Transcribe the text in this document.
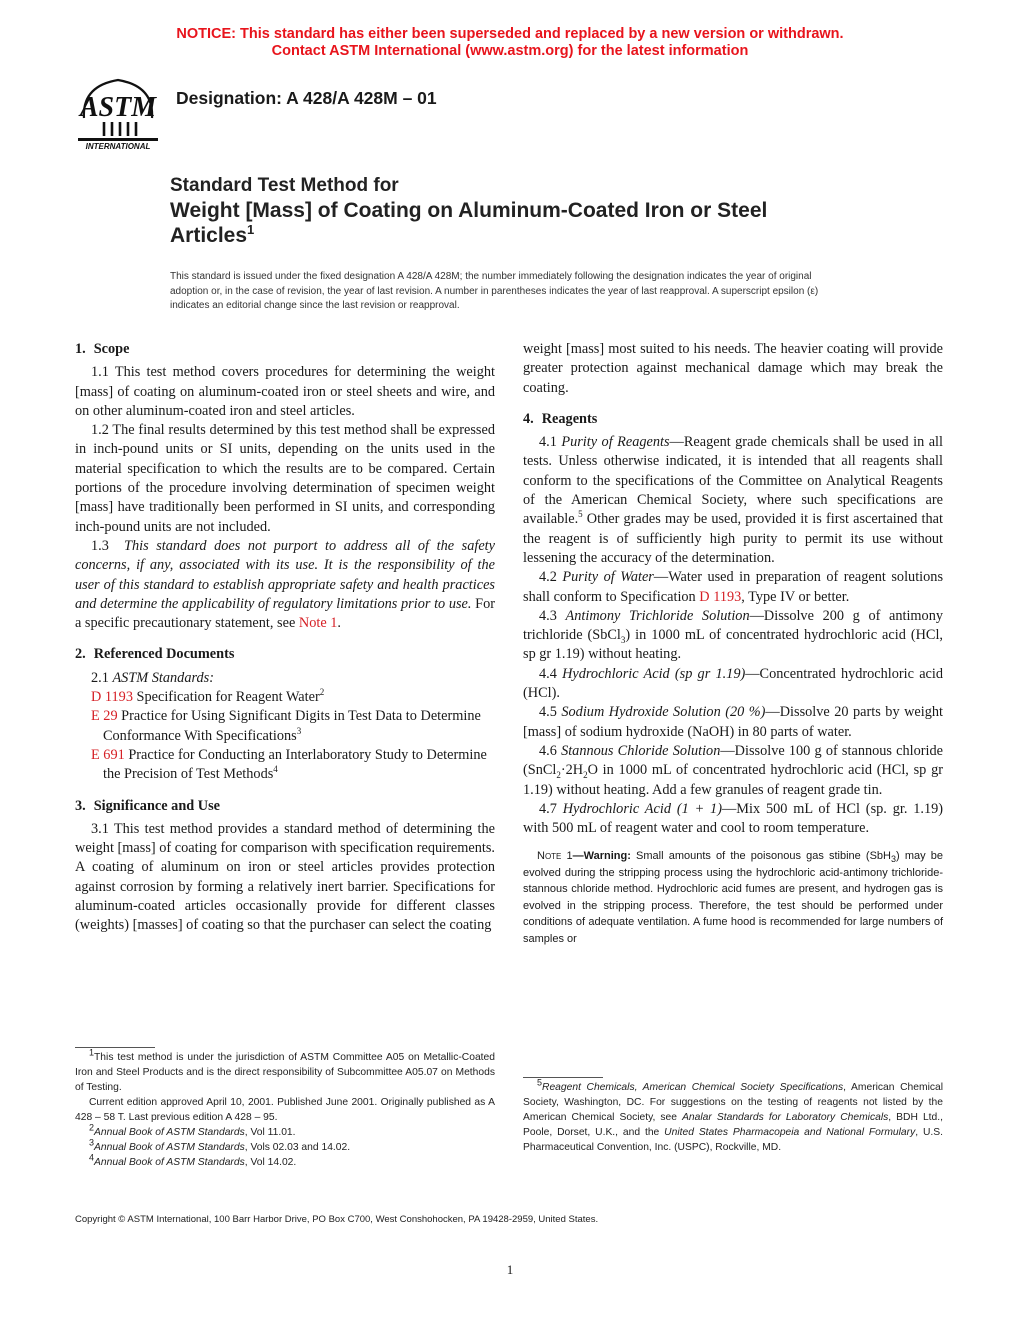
NOTICE: This standard has either been superseded and replaced by a new version or withdrawn.
Contact ASTM International (www.astm.org) for the latest information
ASTM
INTERNATIONAL
Designation: A 428/A 428M – 01
Standard Test Method for
Weight [Mass] of Coating on Aluminum-Coated Iron or Steel
Articles$^1$
This standard is issued under the fixed designation A 428/A 428M; the number immediately following the designation indicates the year of original adoption or, in the case of revision, the year of last revision. A number in parentheses indicates the year of last reapproval. A superscript epsilon (ε) indicates an editorial change since the last revision or reapproval.
1. Scope

1.1 This test method covers procedures for determining the weight [mass] of coating on aluminum-coated iron or steel sheets and wire, and on other aluminum-coated iron and steel articles.

1.2 The final results determined by this test method shall be expressed in inch-pound units or SI units, depending on the units used in the material specification to which the results are to be compared. Certain portions of the procedure involving determination of specimen weight [mass] have traditionally been performed in SI units, and corresponding inch-pound units are not included.

1.3 This standard does not purport to address all of the safety concerns, if any, associated with its use. It is the responsibility of the user of this standard to establish appropriate safety and health practices and determine the applicability of regulatory limitations prior to use. For a specific precautionary statement, see Note 1.

2. Referenced Documents

2.1 ASTM Standards:

D 1193 Specification for Reagent Water$^2$

E 29 Practice for Using Significant Digits in Test Data to Determine Conformance With Specifications$^3$

E 691 Practice for Conducting an Interlaboratory Study to Determine the Precision of Test Methods$^4$

3. Significance and Use

3.1 This test method provides a standard method of determining the weight [mass] of coating for comparison with specification requirements. A coating of aluminum on iron or steel articles provides protection against corrosion by forming a relatively inert barrier. Specifications for aluminum-coated articles occasionally provide for different classes (weights) [masses] of coating so that the purchaser can select the coating

weight [mass] most suited to his needs. The heavier coating will provide greater protection against mechanical damage which may break the coating.

4. Reagents

4.1 Purity of Reagents—Reagent grade chemicals shall be used in all tests. Unless otherwise indicated, it is intended that all reagents shall conform to the specifications of the Committee on Analytical Reagents of the American Chemical Society, where such specifications are available.$^5$ Other grades may be used, provided it is first ascertained that the reagent is of sufficiently high purity to permit its use without lessening the accuracy of the determination.

4.2 Purity of Water—Water used in preparation of reagent solutions shall conform to Specification D 1193, Type IV or better.

4.3 Antimony Trichloride Solution—Dissolve 200 g of antimony trichloride (SbCl$_3$) in 1000 mL of concentrated hydrochloric acid (HCl, sp gr 1.19) without heating.

4.4 Hydrochloric Acid (sp gr 1.19)—Concentrated hydrochloric acid (HCl).

4.5 Sodium Hydroxide Solution (20 %)—Dissolve 20 parts by weight [mass] of sodium hydroxide (NaOH) in 80 parts of water.

4.6 Stannous Chloride Solution—Dissolve 100 g of stannous chloride ($SnCl_2\cdot 2H_2O$ in 1000 mL of concentrated hydrochloric acid (HCl, sp gr 1.19) without heating. Add a few granules of reagent grade tin.

4.7 Hydrochloric Acid (1 + 1)—Mix 500 mL of HCl (sp. gr. 1.19) with 500 mL of reagent water and cool to room temperature.

Note 1—Warning: Small amounts of the poisonous gas stibine (SbH$_3$) may be evolved during the stripping process using the hydrochloric acid-antimony trichloride-stannous chloride method. Hydrochloric acid fumes are present, and hydrogen gas is evolved in the stripping process. Therefore, the test should be performed under conditions of adequate ventilation. A fume hood is recommended for large numbers of samples or

$^1$This test method is under the jurisdiction of ASTM Committee A05 on Metallic-Coated Iron and Steel Products and is the direct responsibility of Subcommittee A05.07 on Methods of Testing.

Current edition approved April 10, 2001. Published June 2001. Originally published as A 428 – 58 T. Last previous edition A 428 – 95.

$^2$Annual Book of ASTM Standards, Vol 11.01.

$^3$Annual Book of ASTM Standards, Vols 02.03 and 14.02.

$^4$Annual Book of ASTM Standards, Vol 14.02.

$^5$Reagent Chemicals, American Chemical Society Specifications, American Chemical Society, Washington, DC. For suggestions on the testing of reagents not listed by the American Chemical Society, see Analar Standards for Laboratory Chemicals, BDH Ltd., Poole, Dorset, U.K., and the United States Pharmacopeia and National Formulary, U.S. Pharmaceutical Convention, Inc. (USPC), Rockville, MD.

Copyright © ASTM International, 100 Barr Harbor Drive, PO Box C700, West Conshohocken, PA 19428-2959, United States.
1
